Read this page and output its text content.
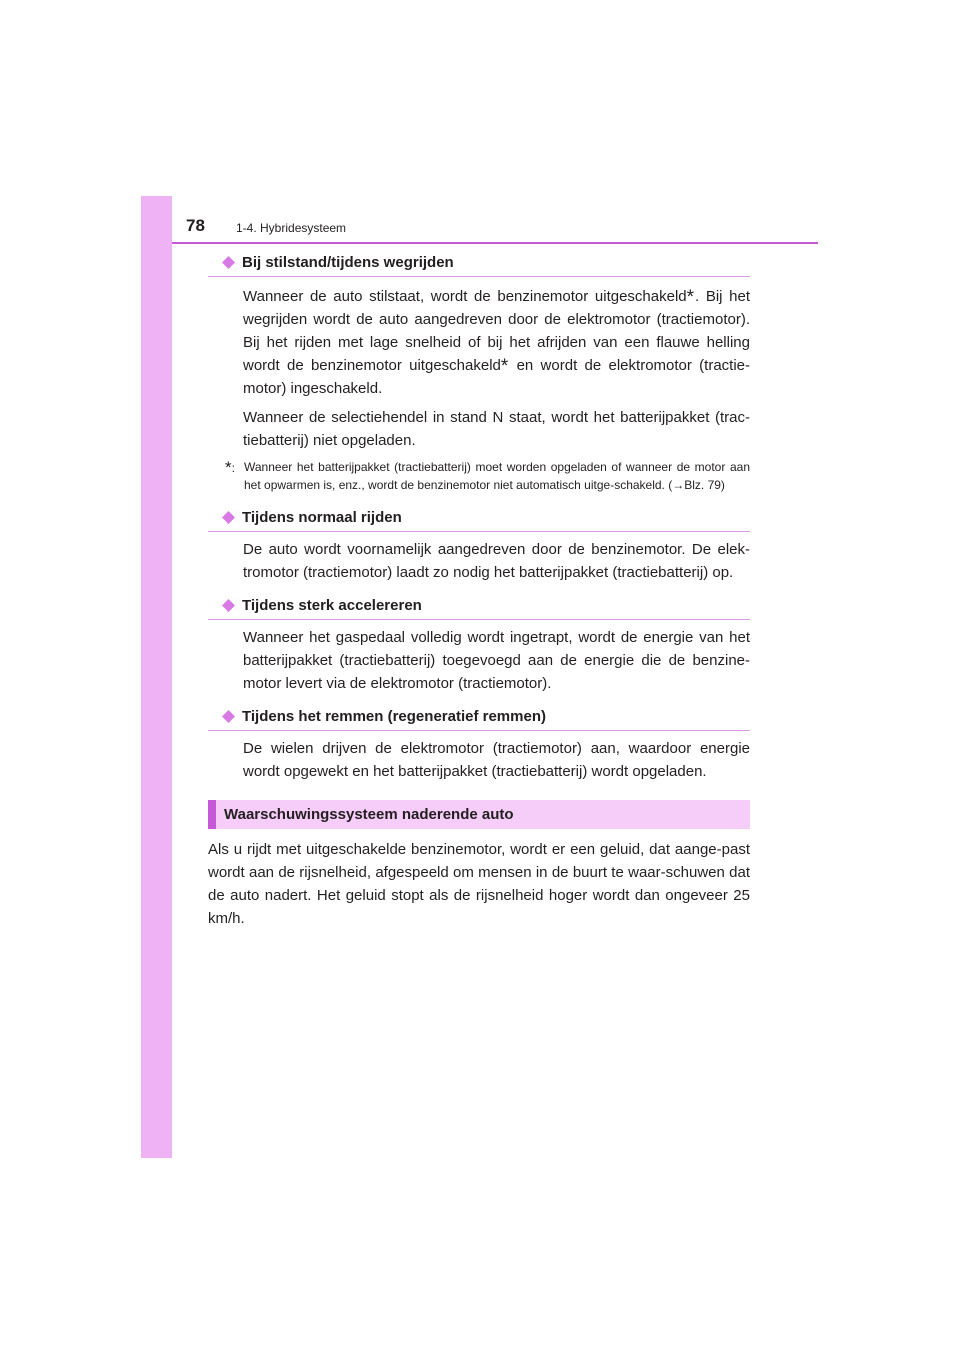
78	1-4. Hybridesysteem
Bij stilstand/tijdens wegrijden

Wanneer de auto stilstaat, wordt de benzinemotor uitgeschakeld*. Bij het wegrijden wordt de auto aangedreven door de elektromotor (tractiemotor). Bij het rijden met lage snelheid of bij het afrijden van een flauwe helling wordt de benzinemotor uitgeschakeld* en wordt de elektromotor (tractie-motor) ingeschakeld.

Wanneer de selectiehendel in stand N staat, wordt het batterijpakket (trac-tiebatterij) niet opgeladen.

*: Wanneer het batterijpakket (tractiebatterij) moet worden opgeladen of wanneer de motor aan het opwarmen is, enz., wordt de benzinemotor niet automatisch uitge-schakeld. (→Blz. 79)

Tijdens normaal rijden

De auto wordt voornamelijk aangedreven door de benzinemotor. De elek-tromotor (tractiemotor) laadt zo nodig het batterijpakket (tractiebatterij) op.

Tijdens sterk accelereren

Wanneer het gaspedaal volledig wordt ingetrapt, wordt de energie van het batterijpakket (tractiebatterij) toegevoegd aan de energie die de benzine-motor levert via de elektromotor (tractiemotor).

Tijdens het remmen (regeneratief remmen)

De wielen drijven de elektromotor (tractiemotor) aan, waardoor energie wordt opgewekt en het batterijpakket (tractiebatterij) wordt opgeladen.

Waarschuwingssysteem naderende auto

Als u rijdt met uitgeschakelde benzinemotor, wordt er een geluid, dat aange-past wordt aan de rijsnelheid, afgespeeld om mensen in de buurt te waar-schuwen dat de auto nadert. Het geluid stopt als de rijsnelheid hoger wordt dan ongeveer 25 km/h.
